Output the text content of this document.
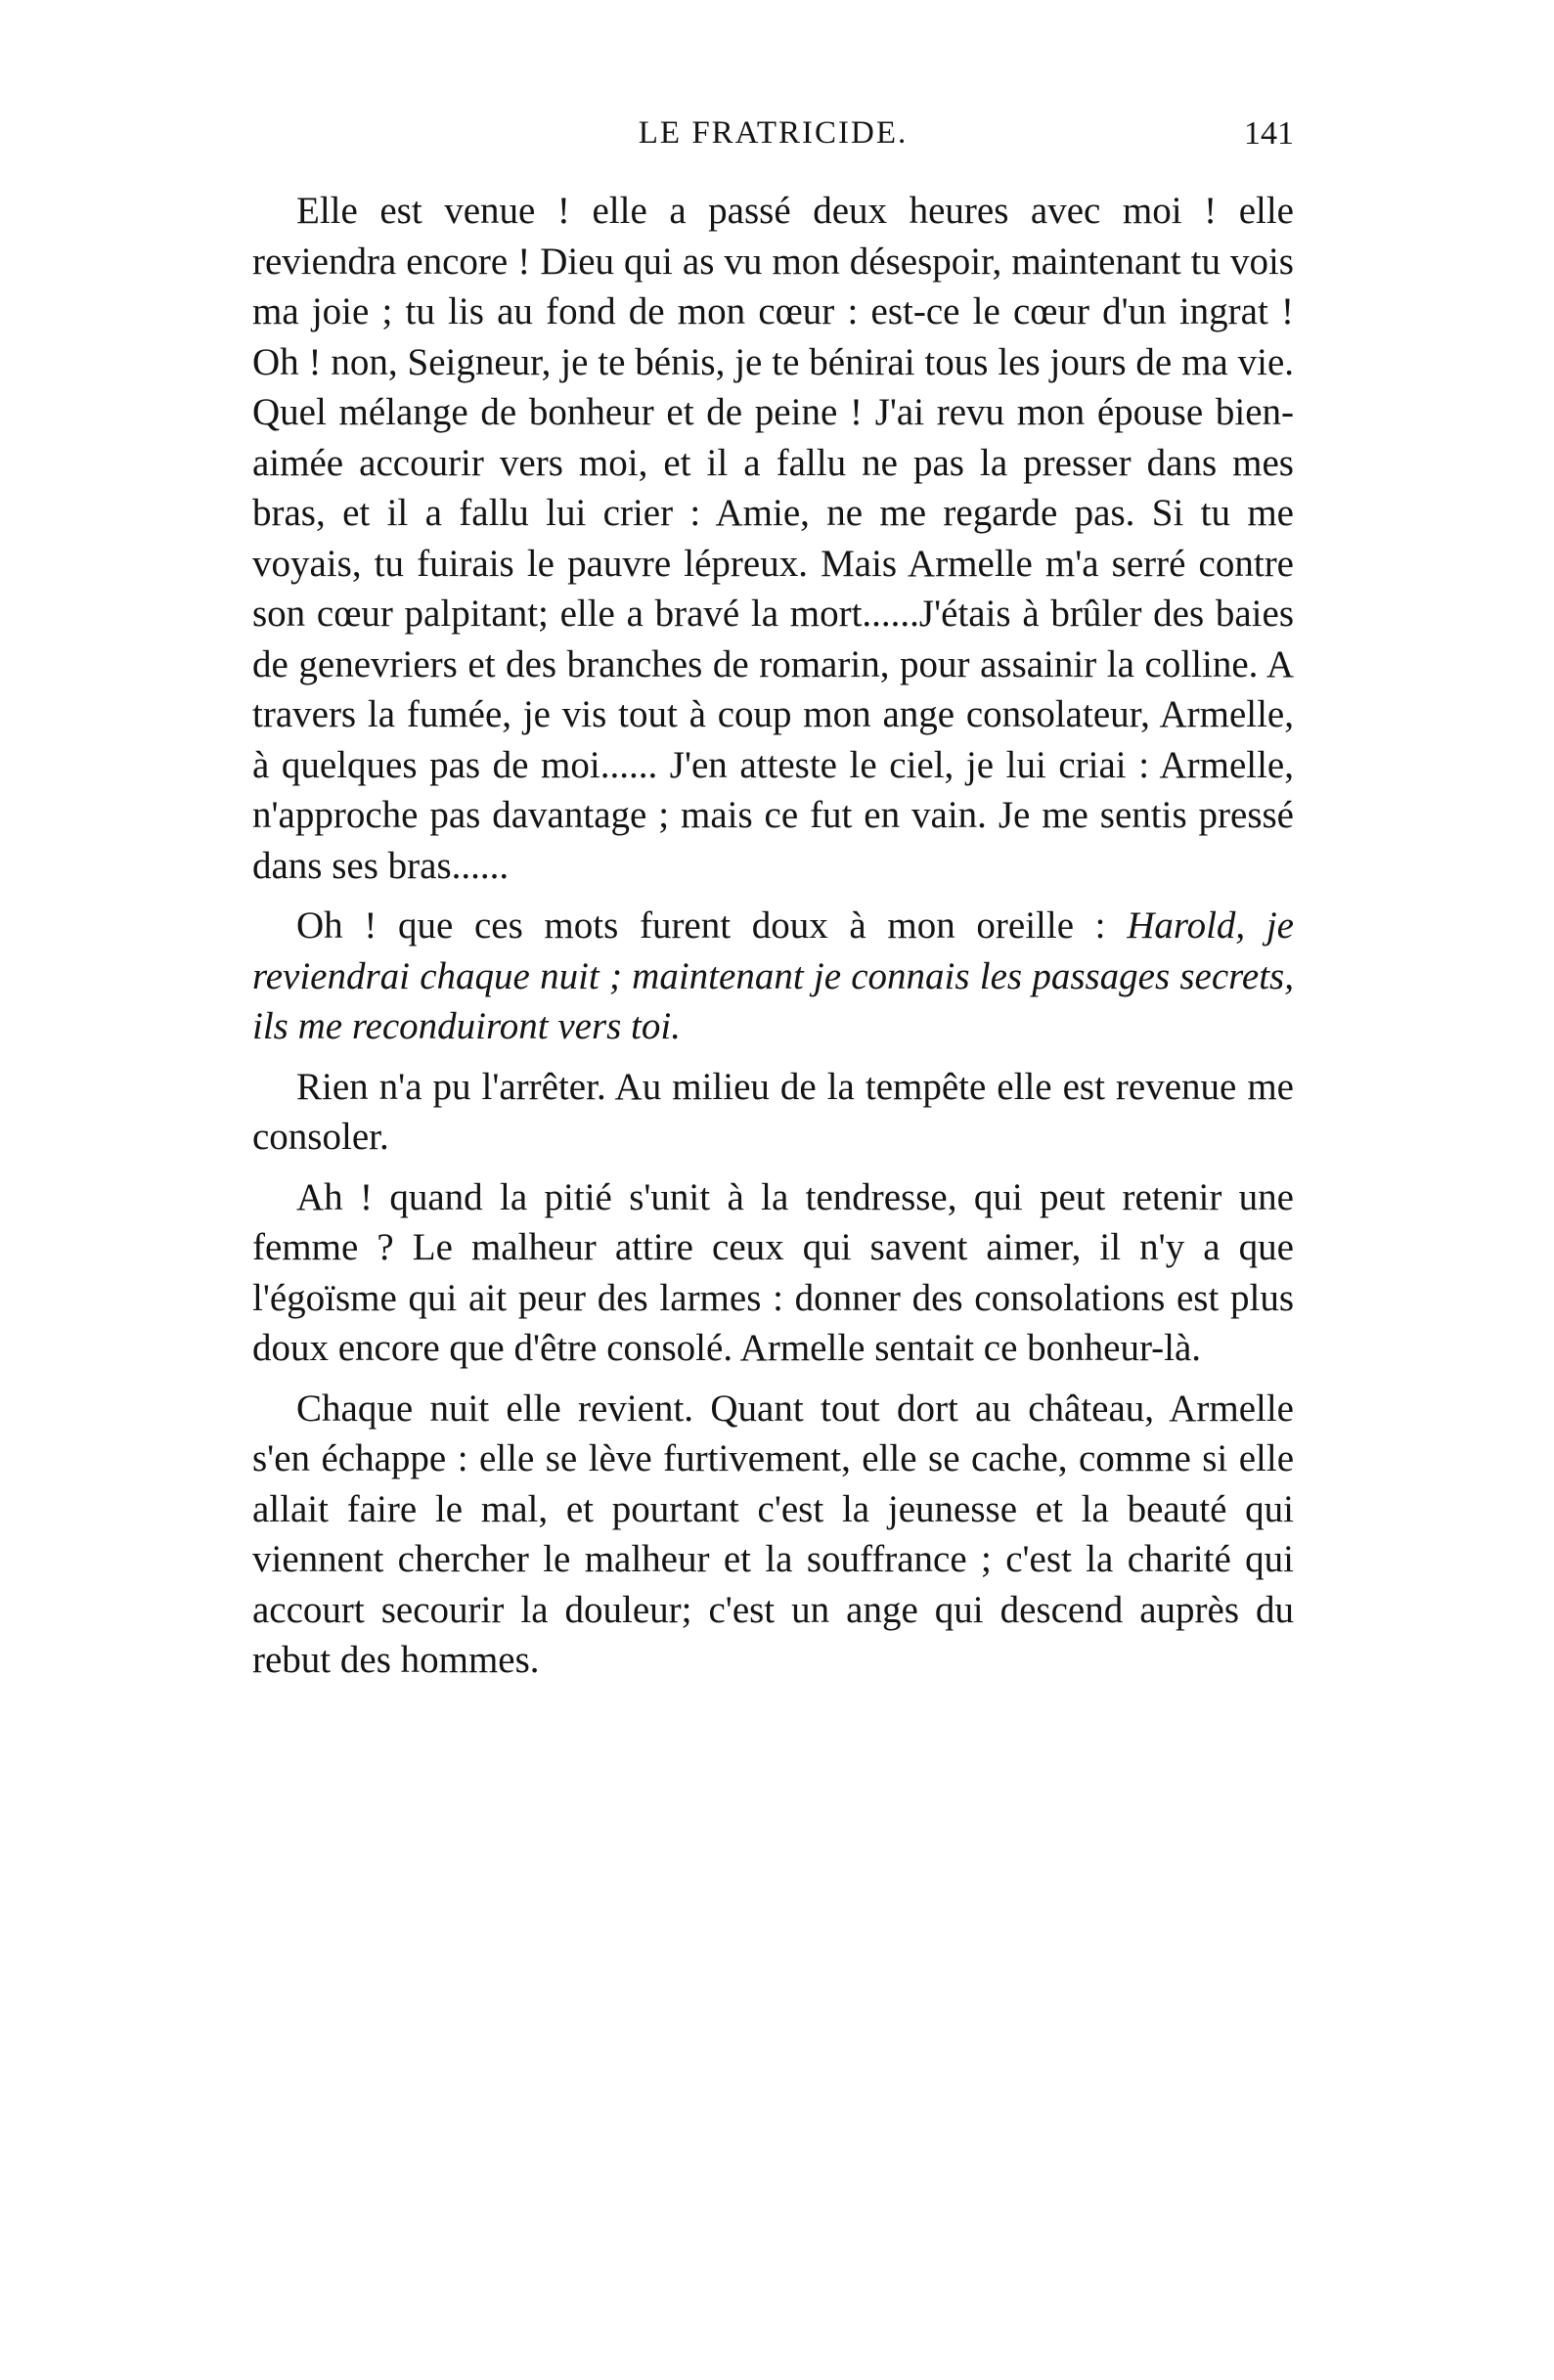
LE FRATRICIDE.	141

Elle est venue ! elle a passé deux heures avec moi ! elle reviendra encore ! Dieu qui as vu mon désespoir, maintenant tu vois ma joie ; tu lis au fond de mon cœur : est-ce le cœur d'un ingrat ! Oh ! non, Seigneur, je te bénis, je te bénirai tous les jours de ma vie. Quel mélange de bonheur et de peine ! J'ai revu mon épouse bien-aimée accourir vers moi, et il a fallu ne pas la presser dans mes bras, et il a fallu lui crier : Amie, ne me regarde pas. Si tu me voyais, tu fuirais le pauvre lépreux. Mais Armelle m'a serré contre son cœur palpitant; elle a bravé la mort......J'étais à brûler des baies de genevriers et des branches de romarin, pour assainir la colline. A travers la fumée, je vis tout à coup mon ange consolateur, Armelle, à quelques pas de moi...... J'en atteste le ciel, je lui criai : Armelle, n'approche pas davantage ; mais ce fut en vain. Je me sentis pressé dans ses bras......

Oh ! que ces mots furent doux à mon oreille : Harold, je reviendrai chaque nuit ; maintenant je connais les passages secrets, ils me reconduiront vers toi.

Rien n'a pu l'arrêter. Au milieu de la tempête elle est revenue me consoler.

Ah ! quand la pitié s'unit à la tendresse, qui peut retenir une femme ? Le malheur attire ceux qui savent aimer, il n'y a que l'égoïsme qui ait peur des larmes : donner des consolations est plus doux encore que d'être consolé. Armelle sentait ce bonheur-là.

Chaque nuit elle revient. Quant tout dort au château, Armelle s'en échappe : elle se lève furtivement, elle se cache, comme si elle allait faire le mal, et pourtant c'est la jeunesse et la beauté qui viennent chercher le malheur et la souffrance ; c'est la charité qui accourt secourir la douleur; c'est un ange qui descend auprès du rebut des hommes.
